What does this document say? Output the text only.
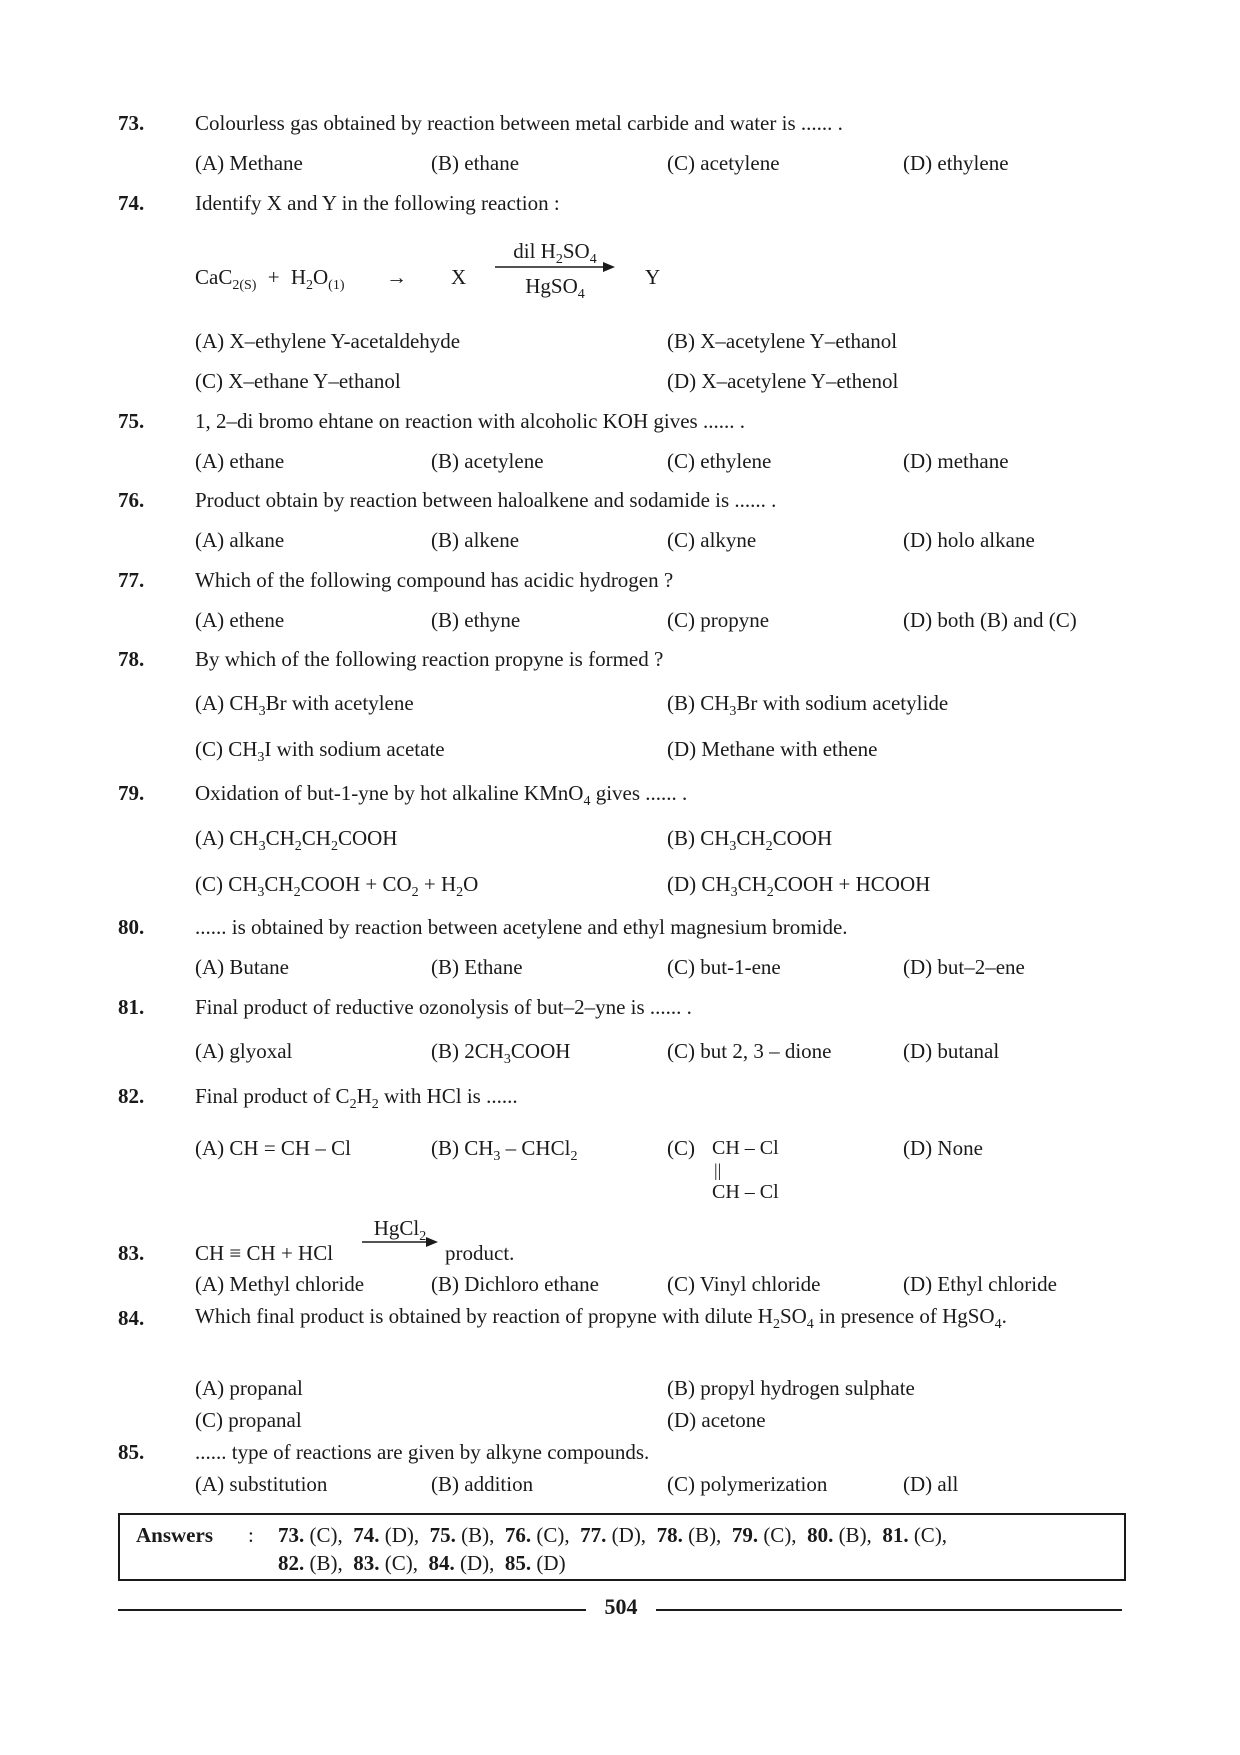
73.	Colourless gas obtained by reaction between metal carbide and water is ...... .
(A) Methane	(B) ethane	(C) acetylene	(D) ethylene
74.	Identify X and Y in the following reaction :
$CaC_{2(S)} + H_2O_{(1)} \to X$
dil $H_2SO_4$
HgSO$_4$
Y
(A) X–ethylene Y-acetaldehyde	(B) X–acetylene Y–ethanol
(C) X–ethane Y–ethanol	(D) X–acetylene Y–ethenol
75.	1, 2–di bromo ehtane on reaction with alcoholic KOH gives ...... .
(A) ethane	(B) acetylene	(C) ethylene	(D) methane
76.	Product obtain by reaction between haloalkene and sodamide is ...... .
(A) alkane	(B) alkene	(C) alkyne	(D) holo alkane
77.	Which of the following compound has acidic hydrogen ?
(A) ethene	(B) ethyne	(C) propyne	(D) both (B) and (C)
78.	By which of the following reaction propyne is formed ?
(A) $CH_3Br$ with acetylene	(B) $CH_3Br$ with sodium acetylide
(C) $CH_3I$ with sodium acetate	(D) Methane with ethene
79.	Oxidation of but-1-yne by hot alkaline KMnO$_4$ gives ...... .
(A) $CH_3CH_2CH_2COOH$	(B) $CH_3CH_2COOH$
(C) $CH_3CH_2COOH + CO_2 + H_2O$	(D) $CH_3CH_2COOH$ + HCOOH
80.	...... is obtained by reaction between acetylene and ethyl magnesium bromide.
(A) Butane	(B) Ethane	(C) but-1-ene	(D) but–2–ene
81.	Final product of reductive ozonolysis of but–2–yne is ...... .
(A) glyoxal	(B) $2CH_3COOH$	(C) but 2, 3 – dione	(D) butanal
82.	Final product of $C_2H_2$ with HCl is ......
(A) CH = CH – Cl	(B) $CH_3$ – CHCl$_2$	(C) CH – Cl
||
CH – Cl
(D) None
83.	CH ≡ CH + HCl
HgCl$_2$
product.
(A) Methyl chloride	(B) Dichloro ethane	(C) Vinyl chloride	(D) Ethyl chloride
84.	Which final product is obtained by reaction of propyne with dilute $H_2SO_4$ in presence of HgSO$_4$.
(A) propanal	(B) propyl hydrogen sulphate
(C) propanal	(D) acetone
85.	...... type of reactions are given by alkyne compounds.
(A) substitution	(B) addition	(C) polymerization	(D) all
Answers : 73. (C), 74. (D), 75. (B), 76. (C), 77. (D), 78. (B), 79. (C), 80. (B), 81. (C),
82. (B), 83. (C), 84. (D), 85. (D)
504
